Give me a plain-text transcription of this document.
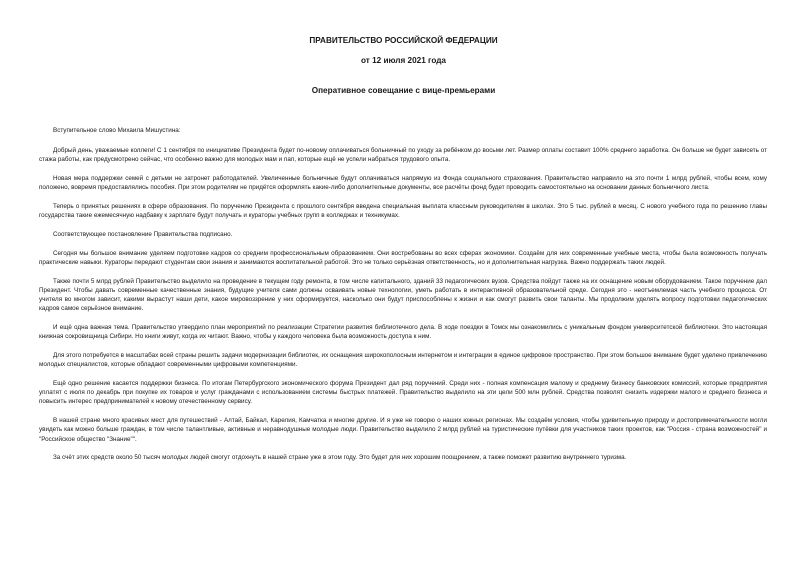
ПРАВИТЕЛЬСТВО РОССИЙСКОЙ ФЕДЕРАЦИИ
от 12 июля 2021 года
Оперативное совещание с вице-премьерами

Вступительное слово Михаила Мишустина:

Добрый день, уважаемые коллеги! С 1 сентября по инициативе Президента будет по-новому оплачиваться больничный по уходу за ребёнком до восьми лет. Размер оплаты составит 100% среднего заработка. Он больше не будет зависеть от стажа работы, как предусмотрено сейчас, что особенно важно для молодых мам и пап, которые ещё не успели набраться трудового опыта.

Новая мера поддержки семей с детьми не затронет работодателей. Увеличенные больничные будут оплачиваться напрямую из Фонда социального страхования. Правительство направило на это почти 1 млрд рублей, чтобы всем, кому положено, вовремя предоставлялись пособия. При этом родителям не придётся оформлять какие-либо дополнительные документы, все расчёты фонд будет проводить самостоятельно на основании данных больничного листа.

Теперь о принятых решениях в сфере образования. По поручению Президента с прошлого сентября введена специальная выплата классным руководителям в школах. Это 5 тыс. рублей в месяц. С нового учебного года по решению главы государства такие ежемесячную надбавку к зарплате будут получать и кураторы учебных групп в колледжах и техникумах.

Соответствующее постановление Правительства подписано.

Сегодня мы большое внимание уделяем подготовке кадров со средним профессиональным образованием. Они востребованы во всех сферах экономики. Создаём для них современные учебные места, чтобы была возможность получать практические навыки. Кураторы передают студентам свои знания и занимаются воспитательной работой. Это не только серьёзная ответственность, но и дополнительная нагрузка. Важно поддержать таких людей.

Также почти 5 млрд рублей Правительство выделило на проведение в текущем году ремонта, в том числе капитального, зданий 33 педагогических вузов. Средства пойдут также на их оснащение новым оборудованием. Такое поручение дал Президент. Чтобы давать современные качественные знания, будущие учителя сами должны осваивать новые технологии, уметь работать в интерактивной образовательной среде. Сегодня это - неотъемлемая часть учебного процесса. От учителя во многом зависит, какими вырастут наши дети, какое мировоззрение у них сформируется, насколько они будут приспособлены к жизни и как смогут развить свои таланты. Мы продолжим уделять вопросу подготовки педагогических кадров самое серьёзное внимание.

И ещё одна важная тема. Правительство утвердило план мероприятий по реализации Стратегии развития библиотечного дела. В ходе поездки в Томск мы ознакомились с уникальным фондом университетской библиотеки. Это настоящая книжная сокровищница Сибири. Но книги живут, когда их читают. Важно, чтобы у каждого человека была возможность доступа к ним.

Для этого потребуется в масштабах всей страны решить задачи модернизации библиотек, их оснащения широкополосным интернетом и интеграции в единое цифровое пространство. При этом большое внимание будет уделено привлечению молодых специалистов, которые обладают современными цифровыми компетенциями.

Ещё одно решение касается поддержки бизнеса. По итогам Петербургского экономического форума Президент дал ряд поручений. Среди них - полная компенсация малому и среднему бизнесу банковских комиссий, которые предприятия уплатят с июля по декабрь при покупке их товаров и услуг гражданами с использованием системы быстрых платежей. Правительство выделило на эти цели 500 млн рублей. Средства позволят снизить издержки малого и среднего бизнеса и повысить интерес предпринимателей к новому отечественному сервису.

В нашей стране много красивых мест для путешествий - Алтай, Байкал, Карелия, Камчатка и многие другие. И я уже не говорю о наших южных регионах. Мы создаём условия, чтобы удивительную природу и достопримечательности могли увидеть как можно больше граждан, в том числе талантливые, активные и неравнодушные молодые люди. Правительство выделило 2 млрд рублей на туристические путёвки для участников таких проектов, как "Россия - страна возможностей" и "Российское общество "Знание"".

За счёт этих средств около 50 тысяч молодых людей смогут отдохнуть в нашей стране уже в этом году. Это будет для них хорошим поощрением, а также поможет развитию внутреннего туризма.
